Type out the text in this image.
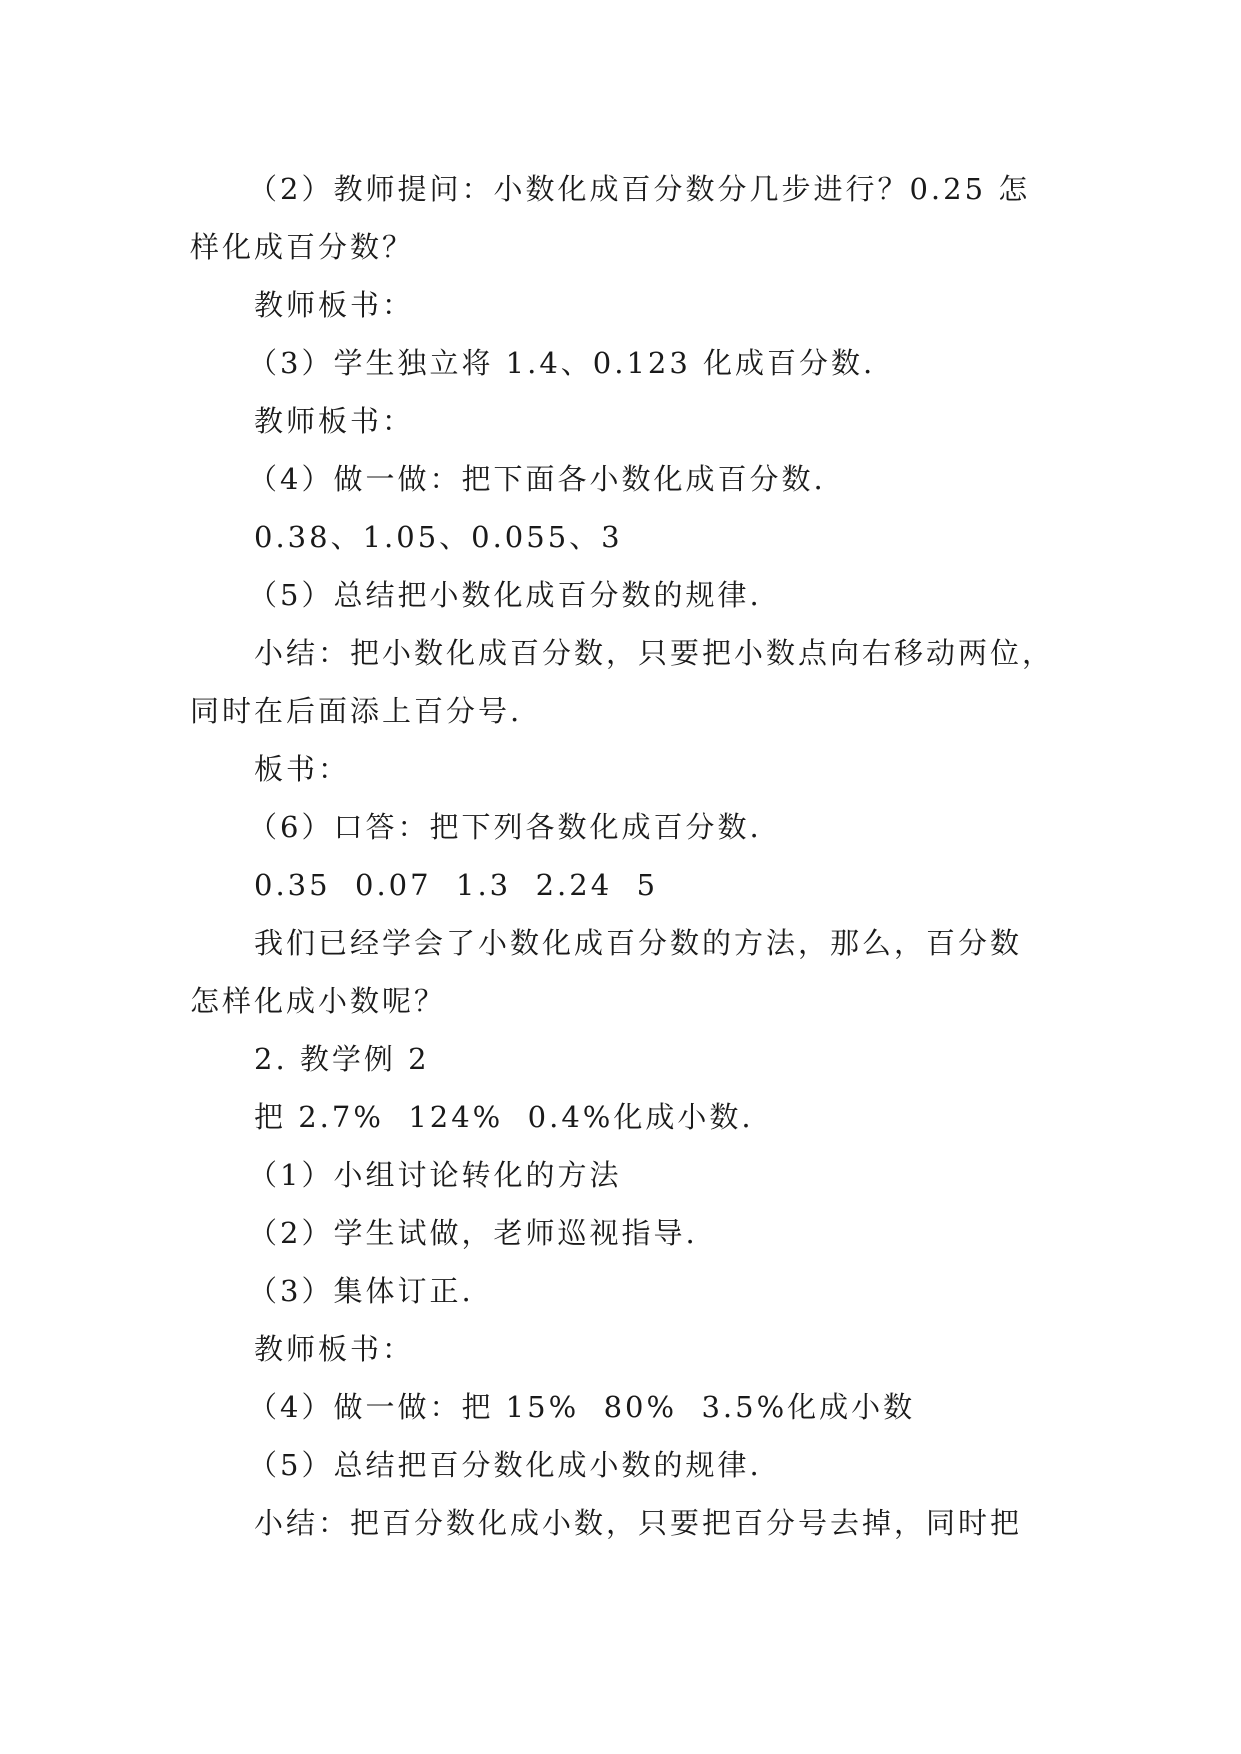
（2）教师提问：小数化成百分数分几步进行？0.25 怎

样化成百分数？

教师板书：

（3）学生独立将 1.4、0.123 化成百分数.

教师板书：

（4）做一做：把下面各小数化成百分数.

0.38、1.05、0.055、3

（5）总结把小数化成百分数的规律.

小结：把小数化成百分数，只要把小数点向右移动两位，

同时在后面添上百分号.

板书：

（6）口答：把下列各数化成百分数.

0.35  0.07  1.3  2.24  5

我们已经学会了小数化成百分数的方法，那么，百分数

怎样化成小数呢？

2. 教学例 2

把 2.7%  124%  0.4%化成小数.

（1）小组讨论转化的方法

（2）学生试做，老师巡视指导.

（3）集体订正.

教师板书：

（4）做一做：把 15%  80%  3.5%化成小数

（5）总结把百分数化成小数的规律.

小结：把百分数化成小数，只要把百分号去掉，同时把
